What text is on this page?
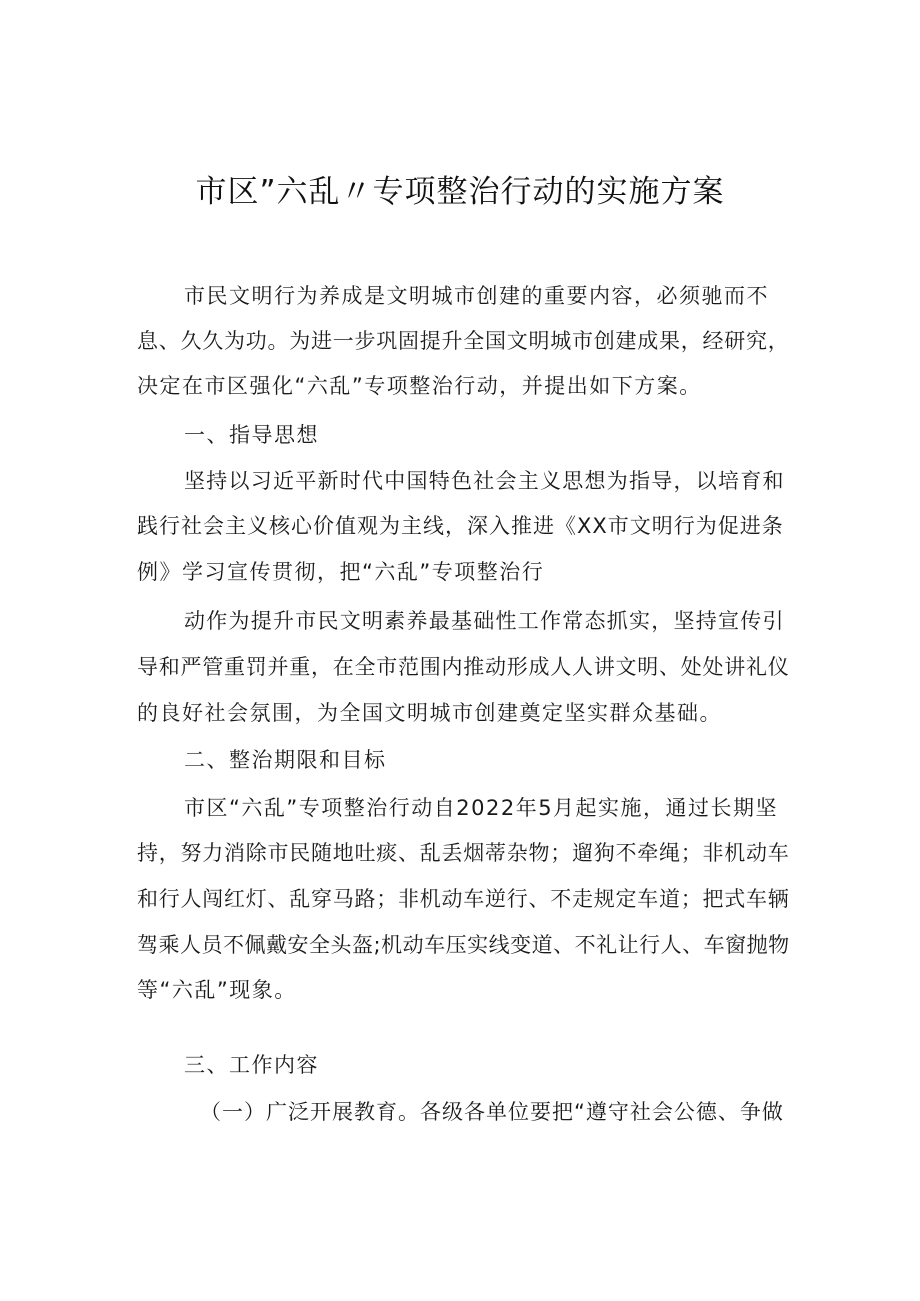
市区”六乱〃专项整治行动的实施方案
市民文明行为养成是文明城市创建的重要内容，必须驰而不
息、久久为功。为进一步巩固提升全国文明城市创建成果，经研究，
决定在市区强化“六乱”专项整治行动，并提出如下方案。
一、指导思想
坚持以习近平新时代中国特色社会主义思想为指导，以培育和
践行社会主义核心价值观为主线，深入推进《XX市文明行为促进条
例》学习宣传贯彻，把“六乱”专项整治行
动作为提升市民文明素养最基础性工作常态抓实，坚持宣传引
导和严管重罚并重，在全市范围内推动形成人人讲文明、处处讲礼仪
的良好社会氛围，为全国文明城市创建奠定坚实群众基础。
二、整治期限和目标
市区“六乱”专项整治行动自2022年5月起实施，通过长期坚
持，努力消除市民随地吐痰、乱丢烟蒂杂物；遛狗不牵绳；非机动车
和行人闯红灯、乱穿马路；非机动车逆行、不走规定车道；把式车辆
驾乘人员不佩戴安全头盔;机动车压实线变道、不礼让行人、车窗抛物
等“六乱”现象。
三、工作内容
（一）广泛开展教育。各级各单位要把“遵守社会公德、争做
